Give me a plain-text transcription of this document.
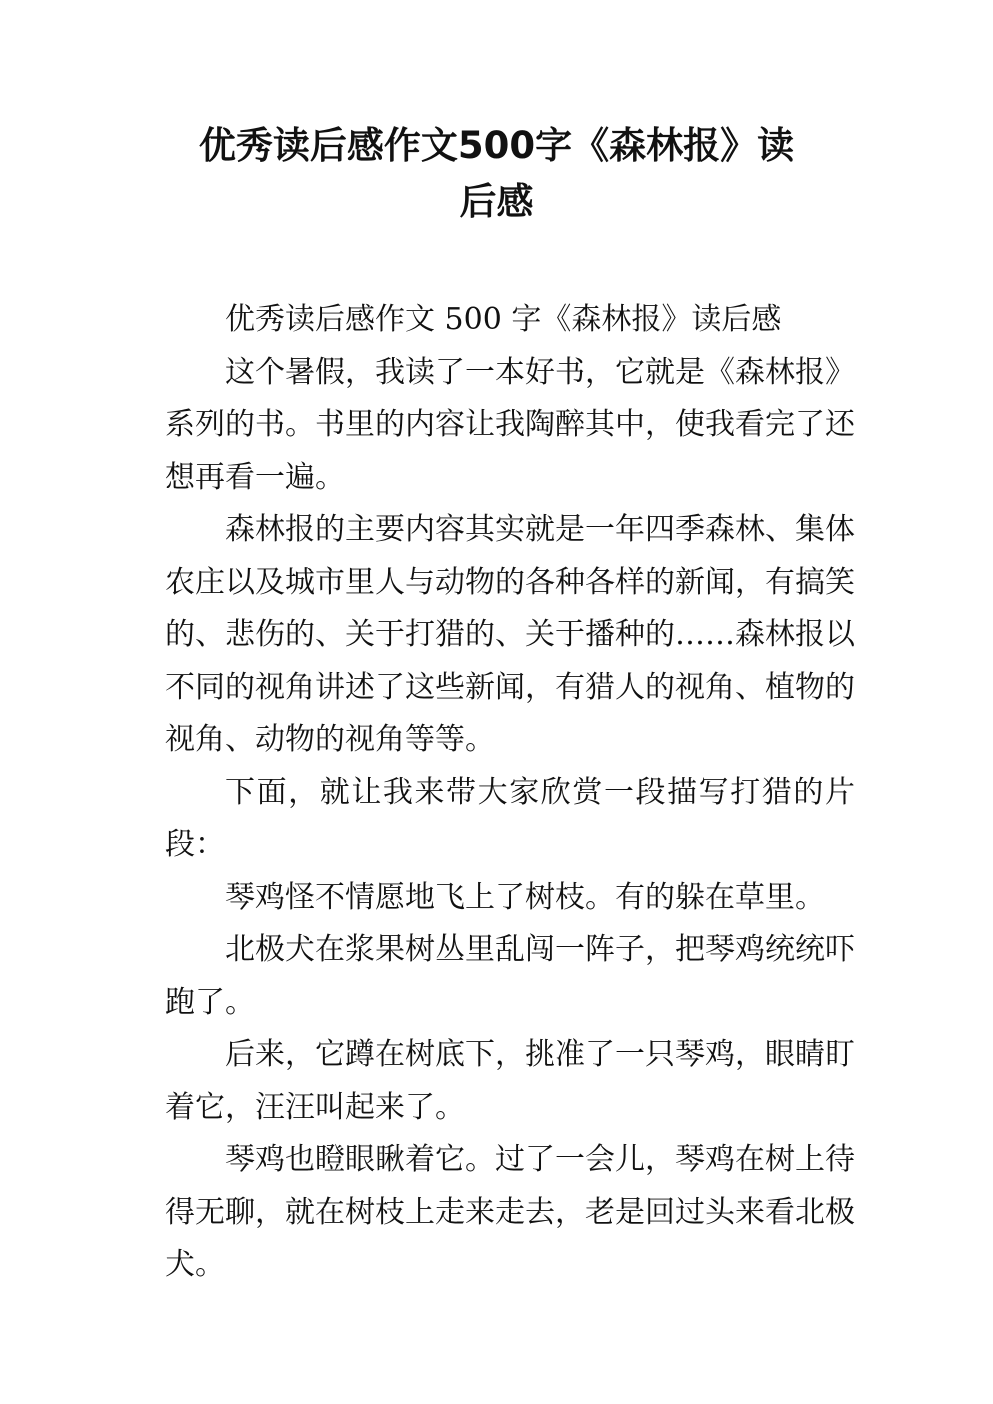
优秀读后感作文500字《森林报》读
后感

优秀读后感作文 500 字《森林报》读后感

这个暑假，我读了一本好书，它就是《森林报》系列的书。书里的内容让我陶醉其中，使我看完了还想再看一遍。

森林报的主要内容其实就是一年四季森林、集体农庄以及城市里人与动物的各种各样的新闻，有搞笑的、悲伤的、关于打猎的、关于播种的……森林报以不同的视角讲述了这些新闻，有猎人的视角、植物的视角、动物的视角等等。

下面，就让我来带大家欣赏一段描写打猎的片段：

琴鸡怪不情愿地飞上了树枝。有的躲在草里。

北极犬在浆果树丛里乱闯一阵子，把琴鸡统统吓跑了。

后来，它蹲在树底下，挑准了一只琴鸡，眼睛盯着它，汪汪叫起来了。

琴鸡也瞪眼瞅着它。过了一会儿，琴鸡在树上待得无聊，就在树枝上走来走去，老是回过头来看北极犬。
